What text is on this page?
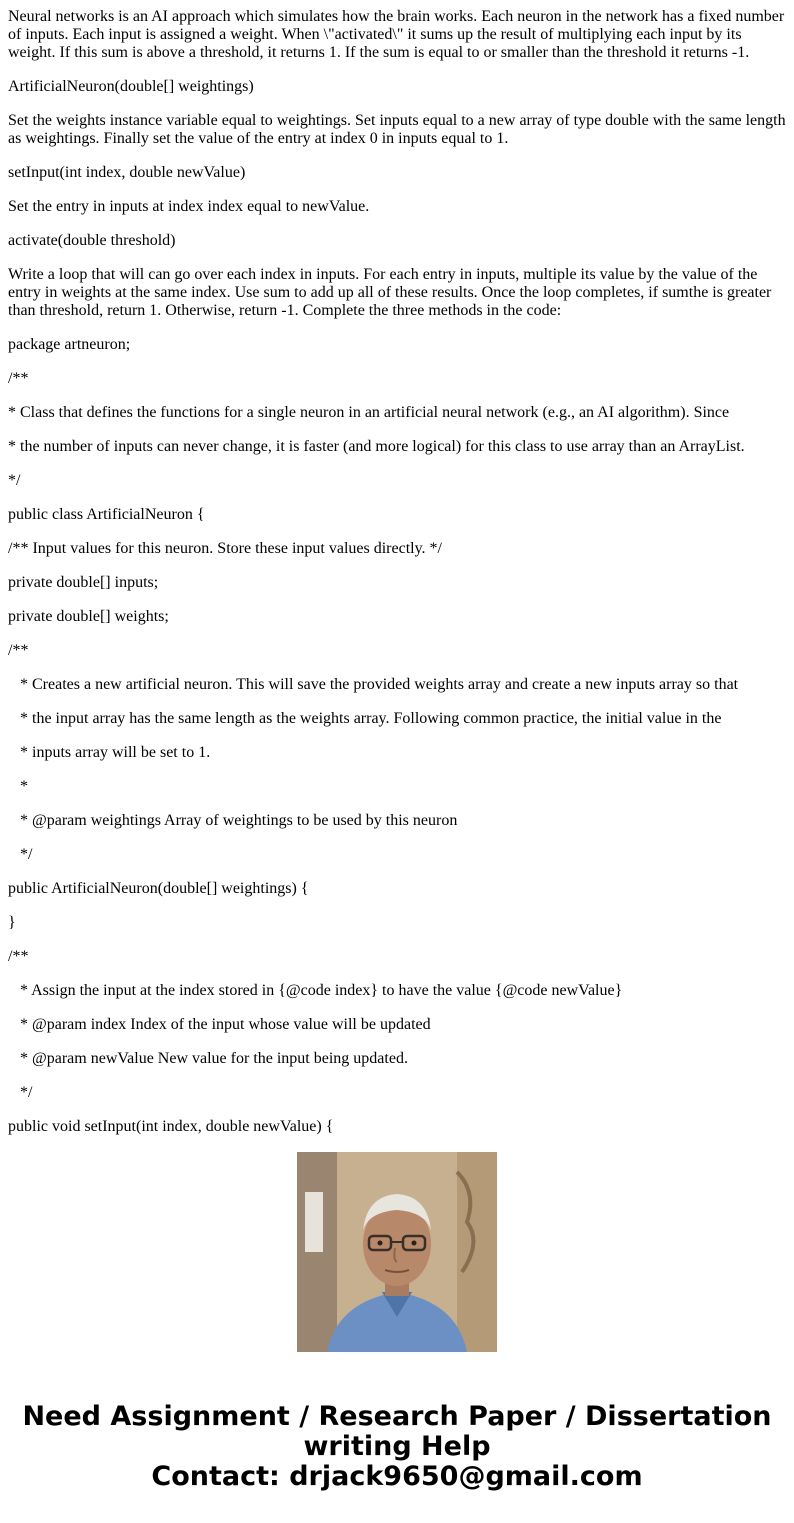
Neural networks is an AI approach which simulates how the brain works. Each neuron in the network has a fixed number of inputs. Each input is assigned a weight. When \"activated\" it sums up the result of multiplying each input by its weight. If this sum is above a threshold, it returns 1. If the sum is equal to or smaller than the threshold it returns -1.

ArtificialNeuron(double[] weightings)

Set the weights instance variable equal to weightings. Set inputs equal to a new array of type double with the same length as weightings. Finally set the value of the entry at index 0 in inputs equal to 1.

setInput(int index, double newValue)

Set the entry in inputs at index index equal to newValue.

activate(double threshold)

Write a loop that will can go over each index in inputs. For each entry in inputs, multiple its value by the value of the entry in weights at the same index. Use sum to add up all of these results. Once the loop completes, if sumthe is greater than threshold, return 1. Otherwise, return -1. Complete the three methods in the code:

package artneuron;

/**

* Class that defines the functions for a single neuron in an artificial neural network (e.g., an AI algorithm). Since

* the number of inputs can never change, it is faster (and more logical) for this class to use array than an ArrayList.

*/

public class ArtificialNeuron {

/** Input values for this neuron. Store these input values directly. */

private double[] inputs;

private double[] weights;

/**

* Creates a new artificial neuron. This will save the provided weights array and create a new inputs array so that

* the input array has the same length as the weights array. Following common practice, the initial value in the

* inputs array will be set to 1.

*

* @param weightings Array of weightings to be used by this neuron

*/

public ArtificialNeuron(double[] weightings) {

}

/**

* Assign the input at the index stored in {@code index} to have the value {@code newValue}

* @param index Index of the input whose value will be updated

* @param newValue New value for the input being updated.

*/

public void setInput(int index, double newValue) {

Need Assignment / Research Paper / Dissertation
writing Help
Contact: drjack9650@gmail.com
